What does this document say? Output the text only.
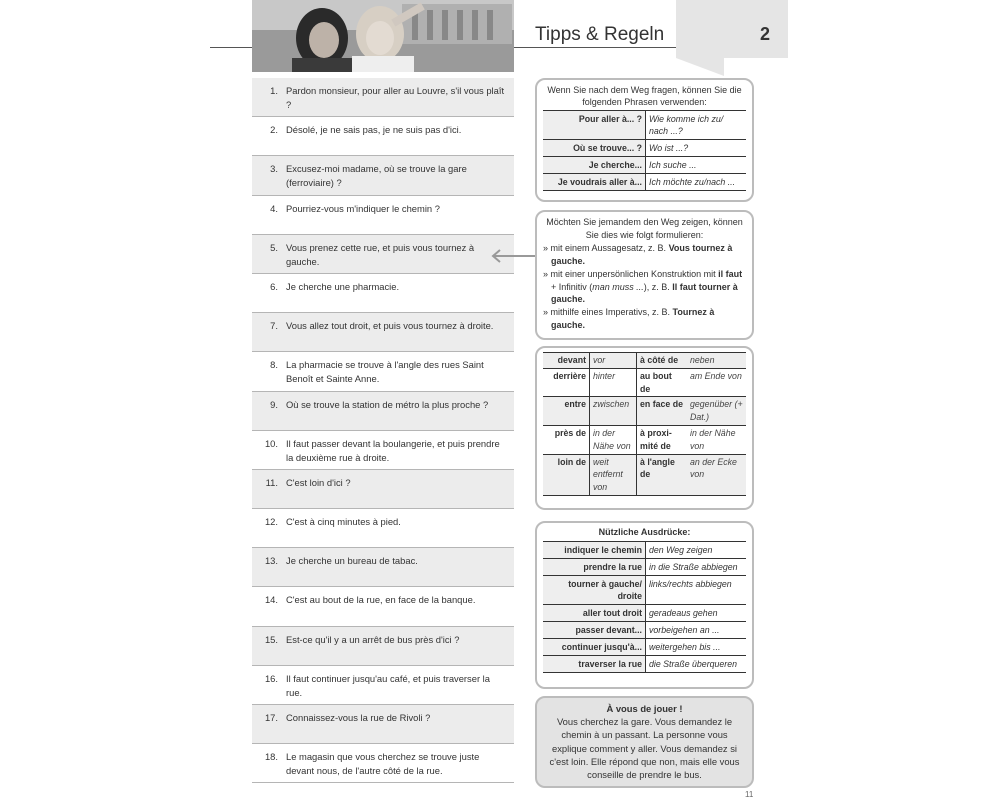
Tipps & Regeln	2
1. Pardon monsieur, pour aller au Louvre, s'il vous plaît ?
2. Désolé, je ne sais pas, je ne suis pas d'ici.
3. Excusez-moi madame, où se trouve la gare (ferroviaire) ?
4. Pourriez-vous m'indiquer le chemin ?
5. Vous prenez cette rue, et puis vous tournez à gauche.
6. Je cherche une pharmacie.
7. Vous allez tout droit, et puis vous tournez à droite.
8. La pharmacie se trouve à l'angle des rues Saint Benoît et Sainte Anne.
9. Où se trouve la station de métro la plus proche ?
10. Il faut passer devant la boulangerie, et puis prendre la deuxième rue à droite.
11. C'est loin d'ici ?
12. C'est à cinq minutes à pied.
13. Je cherche un bureau de tabac.
14. C'est au bout de la rue, en face de la banque.
15. Est-ce qu'il y a un arrêt de bus près d'ici ?
16. Il faut continuer jusqu'au café, et puis traverser la rue.
17. Connaissez-vous la rue de Rivoli ?
18. Le magasin que vous cherchez se trouve juste devant nous, de l'autre côté de la rue.
Wenn Sie nach dem Weg fragen, können Sie die folgenden Phrasen verwenden:
Pour aller à... ?	Wie komme ich zu/ nach ...?
Où se trouve... ?	Wo ist ...?
Je cherche...	Ich suche ...
Je voudrais aller à...	Ich möchte zu/nach ...
Möchten Sie jemandem den Weg zeigen, können Sie dies wie folgt formulieren:
» mit einem Aussagesatz, z. B. Vous tournez à gauche.
» mit einer unpersönlichen Konstruktion mit il faut + Infinitiv (man muss ...), z. B. Il faut tourner à gauche.
» mithilfe eines Imperativs, z. B. Tournez à gauche.
devant	vor	à côté de	neben
derrière	hinter	au bout de	am Ende von
entre	zwischen	en face de	gegenüber (+ Dat.)
près de	in der Nähe von	à proxi-mité de	in der Nähe von
loin de	weit entfernt von	à l'angle de	an der Ecke von
Nützliche Ausdrücke:
indiquer le chemin	den Weg zeigen
prendre la rue	in die Straße abbiegen
tourner à gauche/ droite	links/rechts abbiegen
aller tout droit	geradeaus gehen
passer devant...	vorbeigehen an ...
continuer jusqu'à...	weitergehen bis ...
traverser la rue	die Straße überqueren
À vous de jouer !
Vous cherchez la gare. Vous demandez le chemin à un passant. La personne vous explique comment y aller. Vous demandez si c'est loin. Elle répond que non, mais elle vous conseille de prendre le bus.
11
